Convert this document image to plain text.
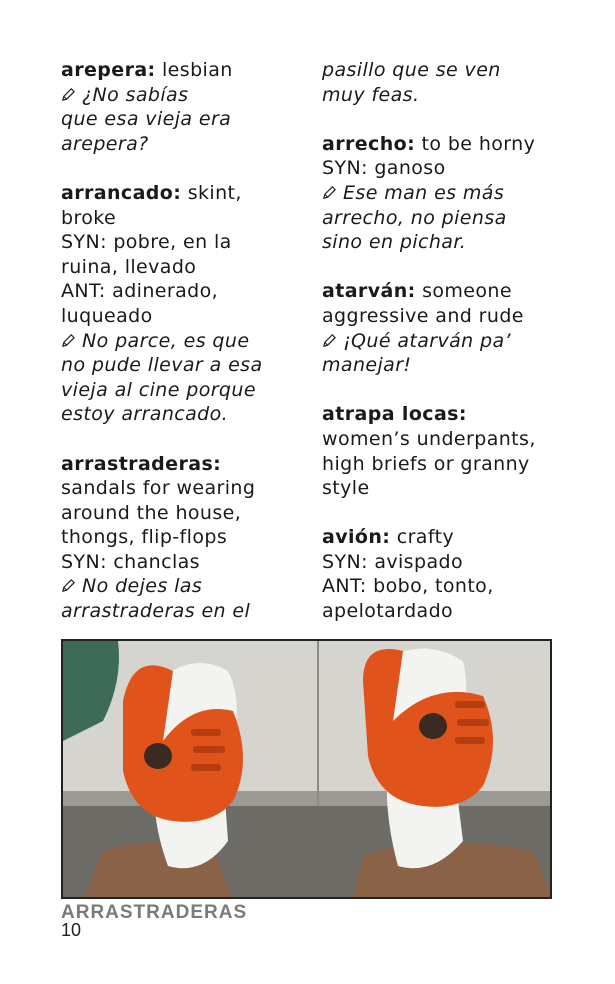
arepera: lesbian
¿No sabías
que esa vieja era
arepera?
arrancado: skint,
broke
SYN: pobre, en la
ruina, llevado
ANT: adinerado,
luqueado
No parce, es que
no pude llevar a esa
vieja al cine porque
estoy arrancado.
arrastraderas:
sandals for wearing
around the house,
thongs, flip-flops
SYN: chanclas
No dejes las
arrastraderas en el
pasillo que se ven
muy feas.
arrecho: to be horny
SYN: ganoso
Ese man es más
arrecho, no piensa
sino en pichar.
atarván: someone
aggressive and rude
¡Qué atarván pa’
manejar!
atrapa locas:
women’s underpants,
high briefs or granny
style
avión: crafty
SYN: avispado
ANT: bobo, tonto,
apelotardado
ARRASTRADERAS
10
